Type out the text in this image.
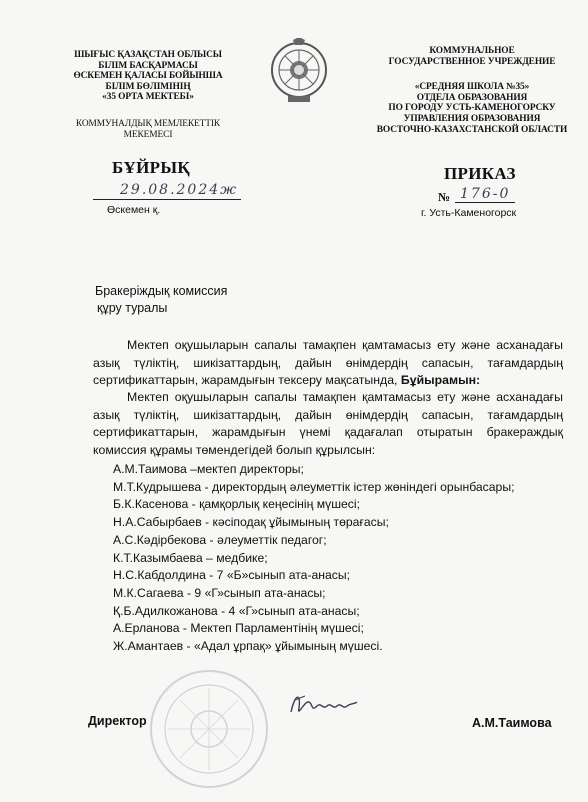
ШЫҒЫС ҚАЗАҚСТАН ОБЛЫСЫ
БІЛІМ БАСҚАРМАСЫ
ӨСКЕМЕН ҚАЛАСЫ БОЙЫНША
БІЛІМ БӨЛІМІНІҢ
«35 ОРТА МЕКТЕБІ»
КОММУНАЛДЫҚ МЕМЛЕКЕТТІК
МЕКЕМЕСІ
КОММУНАЛЬНОЕ
ГОСУДАРСТВЕННОЕ УЧРЕЖДЕНИЕ
«СРЕДНЯЯ ШКОЛА №35»
ОТДЕЛА ОБРАЗОВАНИЯ
ПО ГОРОДУ УСТЬ-КАМЕНОГОРСКУ
УПРАВЛЕНИЯ ОБРАЗОВАНИЯ
ВОСТОЧНО-КАЗАХСТАНСКОЙ ОБЛАСТИ
БҰЙРЫҚ
29.08.2024ж
Өскемен қ.
ПРИКАЗ
№ 176-0
г. Усть-Каменогорск
Бракеріждық комиссия
құру туралы

Мектеп оқушыларын сапалы тамақпен қамтамасыз ету және асханадағы азық түліктің, шикізаттардың, дайын өнімдердің сапасын, тағамдардың сертификаттарын, жарамдығын тексеру мақсатында, Бұйырамын:

Мектеп оқушыларын сапалы тамақпен қамтамасыз ету және асханадағы азық түліктің, шикізаттардың, дайын өнімдердің сапасын, тағамдардың сертификаттарын, жарамдығын үнемі қадағалап отыратын бракераждық комиссия құрамы төмендегідей болып құрылсын:

А.М.Таимова –мектеп директоры;
М.Т.Кудрышева - директордың әлеуметтік істер жөніндегі орынбасары;
Б.К.Касенова - қамқорлық кеңесінің мүшесі;
Н.А.Сабырбаев - кәсіподақ ұйымының төрағасы;
А.С.Кәдірбекова - әлеуметтік педагог;
К.Т.Казымбаева – медбике;
Н.С.Кабдолдина - 7 «Б»сынып ата-анасы;
М.К.Сагаева - 9 «Г»сынып ата-анасы;
Қ.Б.Адилкожанова - 4 «Г»сынып ата-анасы;
А.Ерланова - Мектеп Парламентінің мүшесі;
Ж.Амантаев - «Адал ұрпақ» ұйымының мүшесі.
Директор	А.М.Таимова
